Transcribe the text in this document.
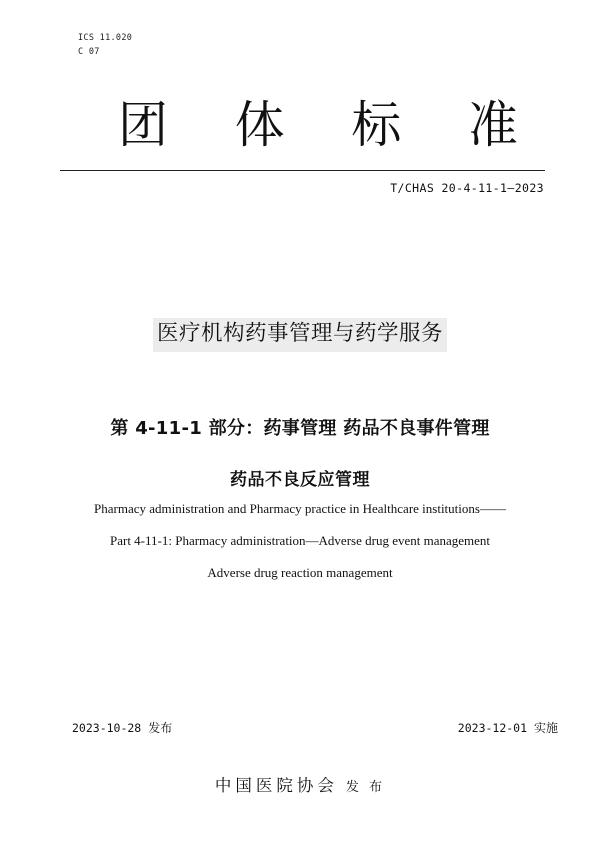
ICS 11.020
C 07
团 体 标 准
T/CHAS 20-4-11-1—2023
医疗机构药事管理与药学服务
第 4-11-1 部分：药事管理 药品不良事件管理
药品不良反应管理
Pharmacy administration and Pharmacy practice in Healthcare institutions——
Part 4-11-1: Pharmacy administration—Adverse drug event management
Adverse drug reaction management
2023-10-28 发布	2023-12-01 实施
中国医院协会 发 布
